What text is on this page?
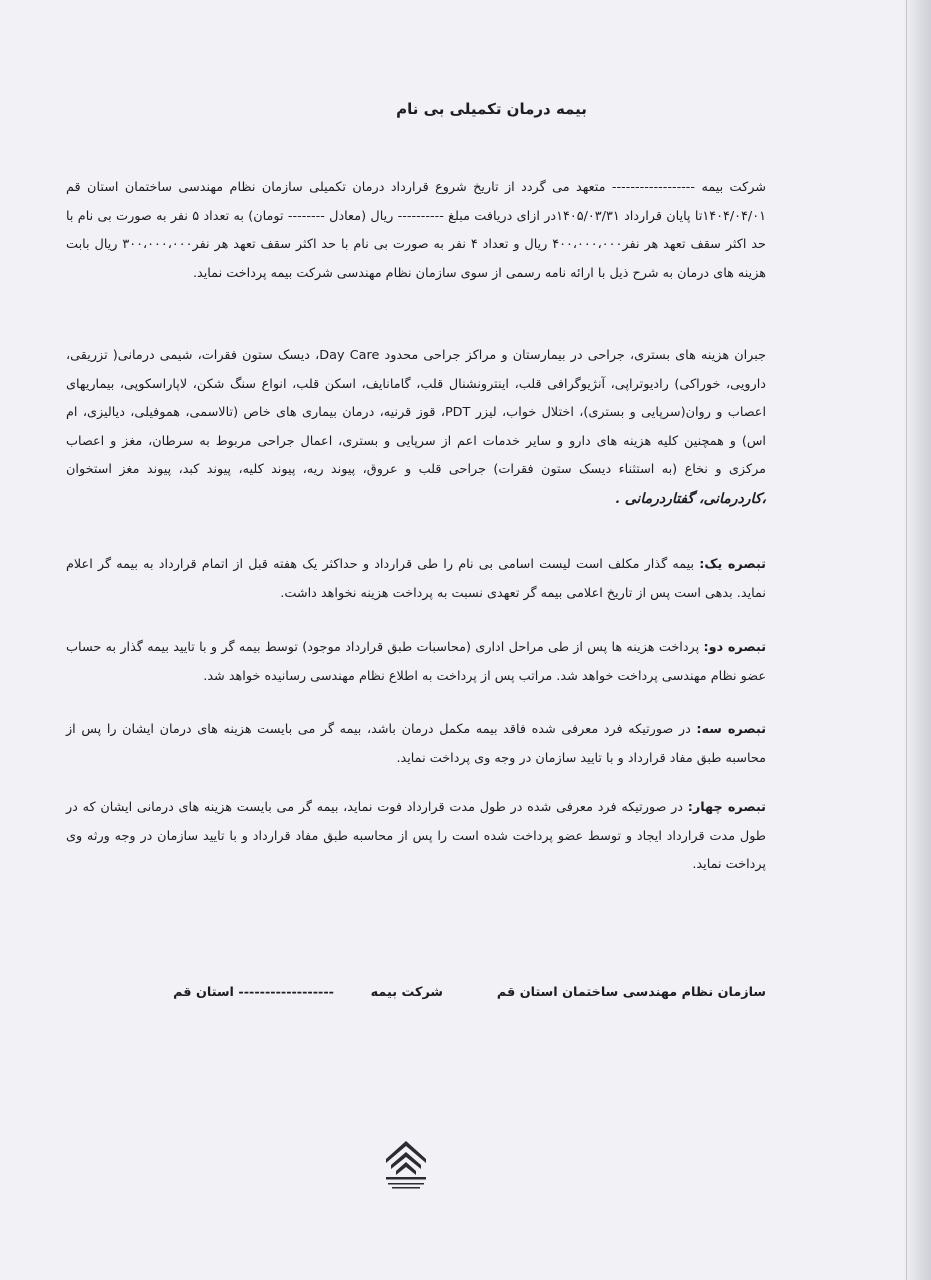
بیمه درمان تکمیلی بی نام
شرکت بیمه ------------------ متعهد می گردد از تاریخ شروع قرارداد درمان تکمیلی سازمان نظام مهندسی ساختمان استان قم ۱۴۰۴/۰۴/۰۱تا پایان قرارداد ۱۴۰۵/۰۳/۳۱در ازای دریافت مبلغ ---------- ریال (معادل -------- تومان) به تعداد ۵ نفر به صورت بی نام با حد اکثر سقف تعهد هر نفر۴۰۰،۰۰۰،۰۰۰ ریال و تعداد ۴ نفر به صورت بی نام با حد اکثر سقف تعهد هر نفر۳۰۰،۰۰۰،۰۰۰ ریال بابت هزینه های درمان به شرح ذیل با ارائه نامه رسمی از سوی سازمان نظام مهندسی شرکت بیمه پرداخت نماید.
جبران هزینه های بستری، جراحی در بیمارستان و مراکز جراحی محدود Day Care، دیسک ستون فقرات، شیمی درمانی( تزریقی، دارویی، خوراکی) رادیوتراپی، آنژیوگرافی قلب، اینترونشنال قلب، گامانایف، اسکن قلب، انواع سنگ شکن، لاپاراسکوپی، بیماریهای اعصاب و روان(سرپایی و بستری)، اختلال خواب، لیزر PDT، قوز قرنیه، درمان بیماری های خاص (تالاسمی، هموفیلی، دیالیزی، ام اس) و همچنین کلیه هزینه های دارو و سایر خدمات اعم از سرپایی و بستری، اعمال جراحی مربوط به سرطان، مغز و اعصاب مرکزی و نخاع (به استثناء دیسک ستون فقرات) جراحی قلب و عروق، پیوند ریه، پیوند کلیه، پیوند کبد، پیوند مغز استخوان ،کاردرمانی، گفتاردرمانی .
تبصره یک: بیمه گذار مکلف است لیست اسامی بی نام را طی قرارداد و حداکثر یک هفته قبل از اتمام قرارداد به بیمه گر اعلام نماید. بدهی است پس از تاریخ اعلامی بیمه گر تعهدی نسبت به پرداخت هزینه نخواهد داشت.
تبصره دو: پرداخت هزینه ها پس از طی مراحل اداری (محاسبات طبق قرارداد موجود) توسط بیمه گر و با تایید بیمه گذار به حساب عضو نظام مهندسی پرداخت خواهد شد. مراتب پس از پرداخت به اطلاع نظام مهندسی رسانیده خواهد شد.
تبصره سه: در صورتیکه فرد معرفی شده فاقد بیمه مکمل درمان باشد، بیمه گر می بایست هزینه های درمان ایشان را پس از محاسبه طبق مفاد قرارداد و با تایید سازمان در وجه وی پرداخت نماید.
تبصره چهار: در صورتیکه فرد معرفی شده در طول مدت قرارداد فوت نماید، بیمه گر می بایست هزینه های درمانی ایشان که در طول مدت قرارداد ایجاد و توسط عضو پرداخت شده است را پس از محاسبه طبق مفاد قرارداد و با تایید سازمان در وجه ورثه وی پرداخت نماید.
سازمان نظام مهندسی ساختمان استان قم
شرکت بیمه
------------------ استان قم
